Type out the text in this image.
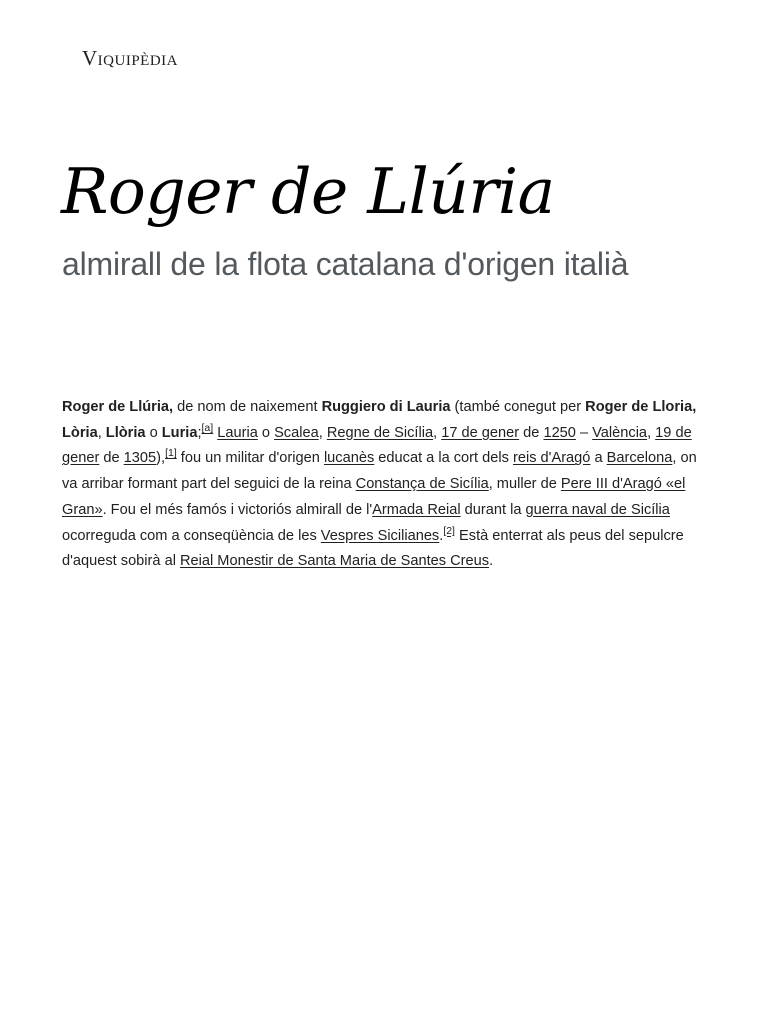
Viquipèdia
Roger de Llúria

almirall de la flota catalana d'origen italià

Roger de Llúria, de nom de naixement Ruggiero di Lauria (també conegut per Roger de Lloria, Lòria, Llòria o Luria;[a] Lauria o Scalea, Regne de Sicília, 17 de gener de 1250 – València, 19 de gener de 1305),[1] fou un militar d'origen lucanès educat a la cort dels reis d'Aragó a Barcelona, on va arribar formant part del seguici de la reina Constança de Sicília, muller de Pere III d'Aragó «el Gran». Fou el més famós i victoriós almirall de l'Armada Reial durant la guerra naval de Sicília ocorreguda com a conseqüència de les Vespres Sicilianes.[2] Està enterrat als peus del sepulcre d'aquest sobirà al Reial Monestir de Santa Maria de Santes Creus.
